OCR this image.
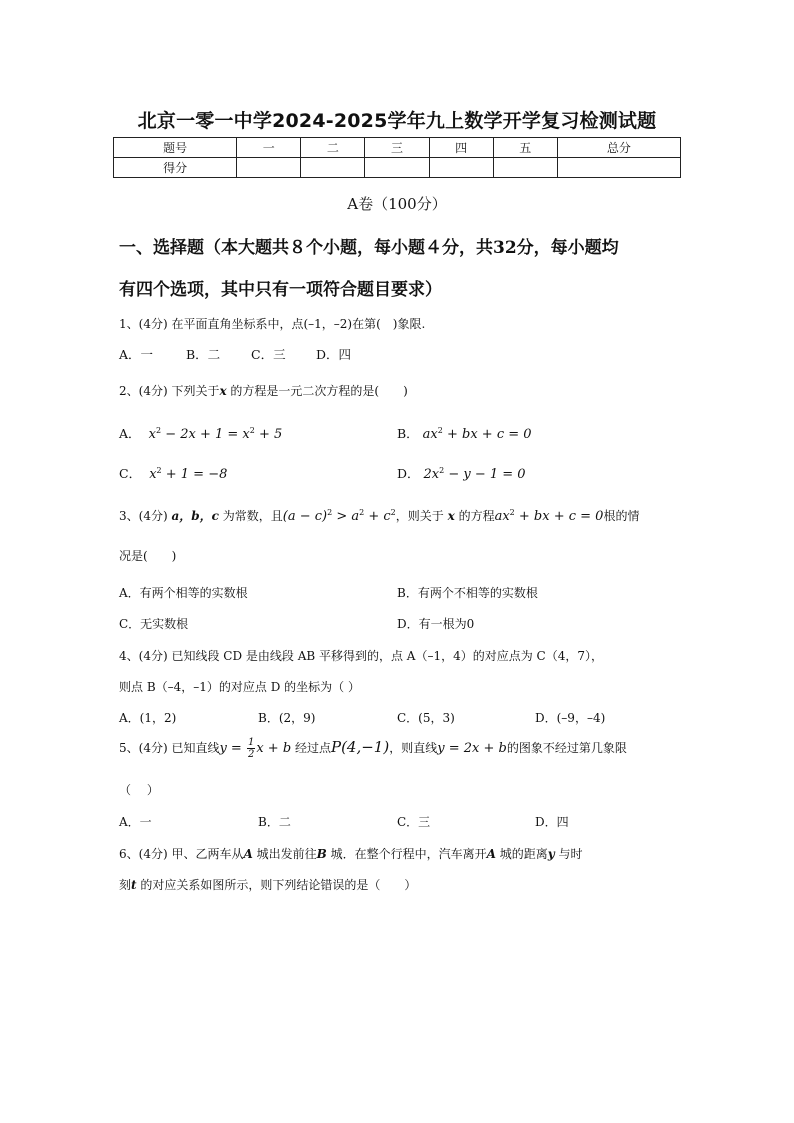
北京一零一中学2024-2025学年九上数学开学复习检测试题
题号	一	二	三	四	五	总分
得分						
A卷（100分）
一、选择题（本大题共８个小题，每小题４分，共32分，每小题均
有四个选项，其中只有一项符合题目要求）
1、(4分) 在平面直角坐标系中，点(–1，–2)在第(　)象限.
A．一	B．二 C．三 D．四
2、(4分) 下列关于x 的方程是一元二次方程的是(　　)
A．  $x^2 - 2x + 1 = x^2 + 5$	B． $ax^2$ + bx + c = 0
C．  $x^2 + 1 = -8$	D． $2x^2 - y - 1 = 0$
3、(4分) a，b，c 为常数，且$(a - c)^2 > a^2 + c^2$，则关于 x 的方程$ax^2$ + bx + c = 0根的情
况是(　　)
A．有两个相等的实数根	B．有两个不相等的实数根
C．无实数根	D．有一根为0
4、(4分) 已知线段 CD 是由线段 AB 平移得到的，点 A（–1，4）的对应点为 C（4，7），
则点 B（–4，–1）的对应点 D 的坐标为（ ）
A．(1，2)	B．(2，9)	C．(5，3)	D．(–9，–4)
5、(4分) 已知直线$y = \frac{1}{2}$ x + b 经过点P(4,−1)，则直线y = 2x + b的图象不经过第几象限
（　 ）
A．一	B．二	C．三	D．四
6、(4分) 甲、乙两车从A 城出发前往B 城．在整个行程中，汽车离开A 城的距离y 与时
刻t 的对应关系如图所示，则下列结论错误的是（　　）
